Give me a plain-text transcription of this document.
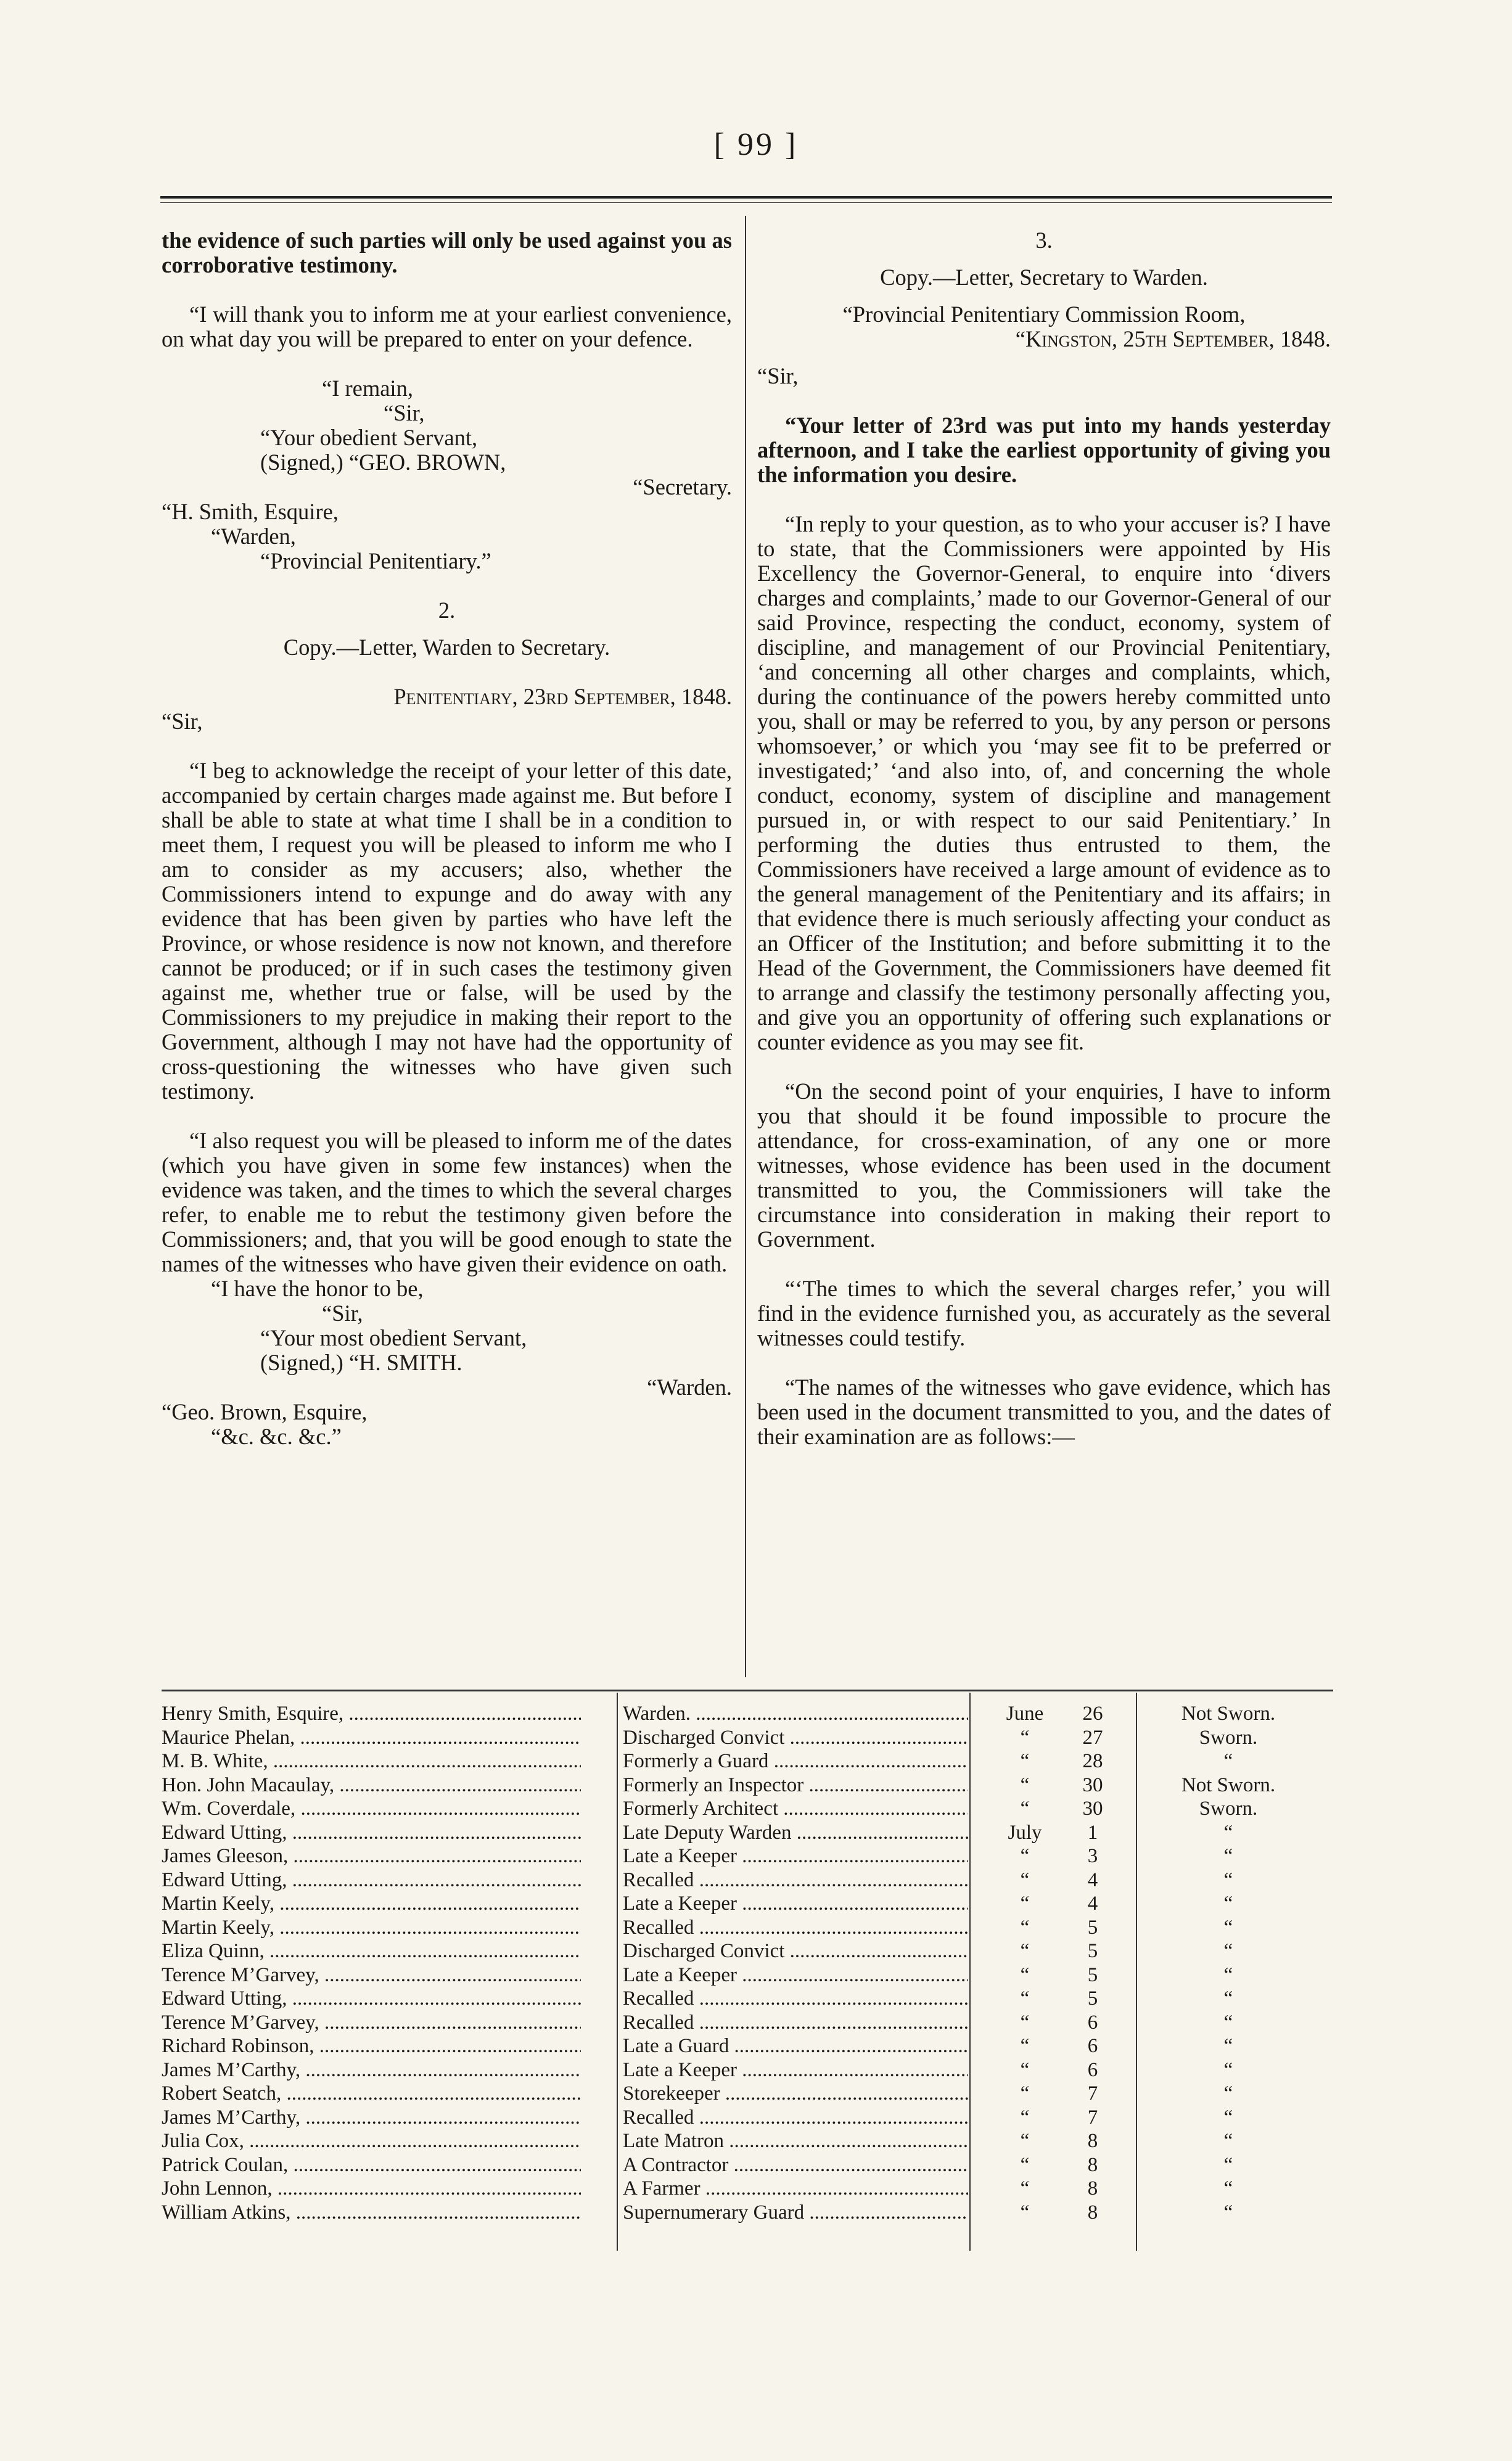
[ 99 ]

the evidence of such parties will only be used against you as corroborative testimony.

“I will thank you to inform me at your earliest convenience, on what day you will be prepared to enter on your defence.

“I remain,

“Sir,

“Your obedient Servant,

(Signed,) “GEO. BROWN,

“Secretary.

“H. Smith, Esquire,

“Warden,

“Provincial Penitentiary.”

2.

Copy.—Letter, Warden to Secretary.

Penitentiary, 23rd September, 1848.

“Sir,

“I beg to acknowledge the receipt of your letter of this date, accompanied by certain charges made against me. But before I shall be able to state at what time I shall be in a condition to meet them, I request you will be pleased to inform me who I am to consider as my accusers; also, whether the Commissioners intend to expunge and do away with any evidence that has been given by parties who have left the Province, or whose residence is now not known, and therefore cannot be produced; or if in such cases the testimony given against me, whether true or false, will be used by the Commissioners to my prejudice in making their report to the Government, although I may not have had the opportunity of cross-questioning the witnesses who have given such testimony.

“I also request you will be pleased to inform me of the dates (which you have given in some few instances) when the evidence was taken, and the times to which the several charges refer, to enable me to rebut the testimony given before the Commissioners; and, that you will be good enough to state the names of the witnesses who have given their evidence on oath.

“I have the honor to be,

“Sir,

“Your most obedient Servant,

(Signed,) “H. SMITH.

“Warden.

“Geo. Brown, Esquire,

“&c. &c. &c.”

3.

Copy.—Letter, Secretary to Warden.

“Provincial Penitentiary Commission Room,

“Kingston, 25th September, 1848.

“Sir,

“Your letter of 23rd was put into my hands yesterday afternoon, and I take the earliest opportunity of giving you the information you desire.

“In reply to your question, as to who your accuser is? I have to state, that the Commissioners were appointed by His Excellency the Governor-General, to enquire into ‘divers charges and complaints,’ made to our Governor-General of our said Province, respecting the conduct, economy, system of discipline, and management of our Provincial Penitentiary, ‘and concerning all other charges and complaints, which, during the continuance of the powers hereby committed unto you, shall or may be referred to you, by any person or persons whomsoever,’ or which you ‘may see fit to be preferred or investigated;’ ‘and also into, of, and concerning the whole conduct, economy, system of discipline and management pursued in, or with respect to our said Penitentiary.’ In performing the duties thus entrusted to them, the Commissioners have received a large amount of evidence as to the general management of the Penitentiary and its affairs; in that evidence there is much seriously affecting your conduct as an Officer of the Institution; and before submitting it to the Head of the Government, the Commissioners have deemed fit to arrange and classify the testimony personally affecting you, and give you an opportunity of offering such explanations or counter evidence as you may see fit.

“On the second point of your enquiries, I have to inform you that should it be found impossible to procure the attendance, for cross-examination, of any one or more witnesses, whose evidence has been used in the document transmitted to you, the Commissioners will take the circumstance into consideration in making their report to Government.

“‘The times to which the several charges refer,’ you will find in the evidence furnished you, as accurately as the several witnesses could testify.

“The names of the witnesses who gave evidence, which has been used in the document transmitted to you, and the dates of their examination are as follows:—

Henry Smith, Esquire, .....	Warden. .....	June	26	Not Sworn.
Maurice Phelan, .....	Discharged Convict .....	“	27	Sworn.
M. B. White, .....	Formerly a Guard .....	“	28	“
Hon. John Macaulay, .....	Formerly an Inspector .....	“	30	Not Sworn.
Wm. Coverdale, .....	Formerly Architect .....	“	30	Sworn.
Edward Utting, .....	Late Deputy Warden .....	July	1	“
James Gleeson, .....	Late a Keeper .....	“	3	“
Edward Utting, .....	Recalled .....	“	4	“
Martin Keely, .....	Late a Keeper .....	“	4	“
Martin Keely, .....	Recalled .....	“	5	“
Eliza Quinn, .....	Discharged Convict .....	“	5	“
Terence M’Garvey, .....	Late a Keeper .....	“	5	“
Edward Utting, .....	Recalled .....	“	5	“
Terence M’Garvey, .....	Recalled .....	“	6	“
Richard Robinson, .....	Late a Guard .....	“	6	“
James M’Carthy, .....	Late a Keeper .....	“	6	“
Robert Seatch, .....	Storekeeper .....	“	7	“
James M’Carthy, .....	Recalled .....	“	7	“
Julia Cox, .....	Late Matron .....	“	8	“
Patrick Coulan, .....	A Contractor .....	“	8	“
John Lennon, .....	A Farmer .....	“	8	“
William Atkins, .....	Supernumerary Guard .....	“	8	“
